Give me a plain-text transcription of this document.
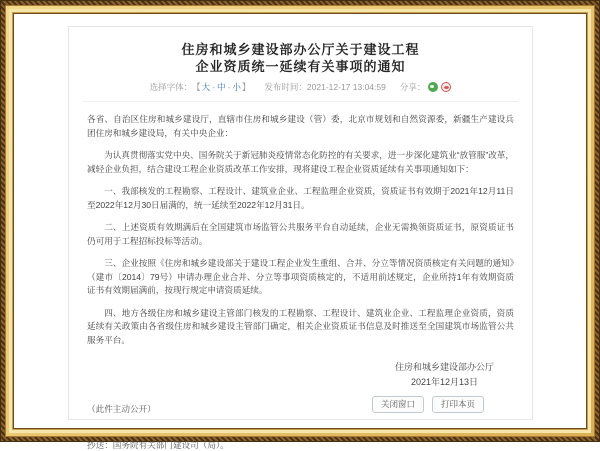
住房和城乡建设部办公厅关于建设工程
企业资质统一延续有关事项的通知
选择字体： 【 大 - 中 - 小 】 发布时间： 2021-12-17 13:04:59 分享：

各省、自治区住房和城乡建设厅，直辖市住房和城乡建设（管）委，北京市规划和自然资源委，新疆生产建设兵团住房和城乡建设局，有关中央企业：

为认真贯彻落实党中央、国务院关于新冠肺炎疫情常态化防控的有关要求，进一步深化建筑业“放管服”改革，减轻企业负担，结合建设工程企业资质改革工作安排，现将建设工程企业资质延续有关事项通知如下：

一、我部核发的工程勘察、工程设计、建筑业企业、工程监理企业资质，资质证书有效期于2021年12月11日至2022年12月30日届满的，统一延续至2022年12月31日。

二、上述资质有效期满后在全国建筑市场监管公共服务平台自动延续，企业无需换领资质证书，原资质证书仍可用于工程招标投标等活动。

三、企业按照《住房和城乡建设部关于建设工程企业发生重组、合并、分立等情况资质核定有关问题的通知》（建市〔2014〕79号）申请办理企业合并、分立等事项资质核定的，不适用前述规定，企业所持1年有效期资质证书有效期届满前，按现行规定申请资质延续。

四、地方各级住房和城乡建设主管部门核发的工程勘察、工程设计、建筑业企业、工程监理企业资质，资质延续有关政策由各省级住房和城乡建设主管部门确定，相关企业资质证书信息及时推送至全国建筑市场监管公共服务平台。

住房和城乡建设部办公厅
2021年12月13日
（此件主动公开）
抄送：国务院有关部门建设司（局）。
关闭窗口	打印本页
